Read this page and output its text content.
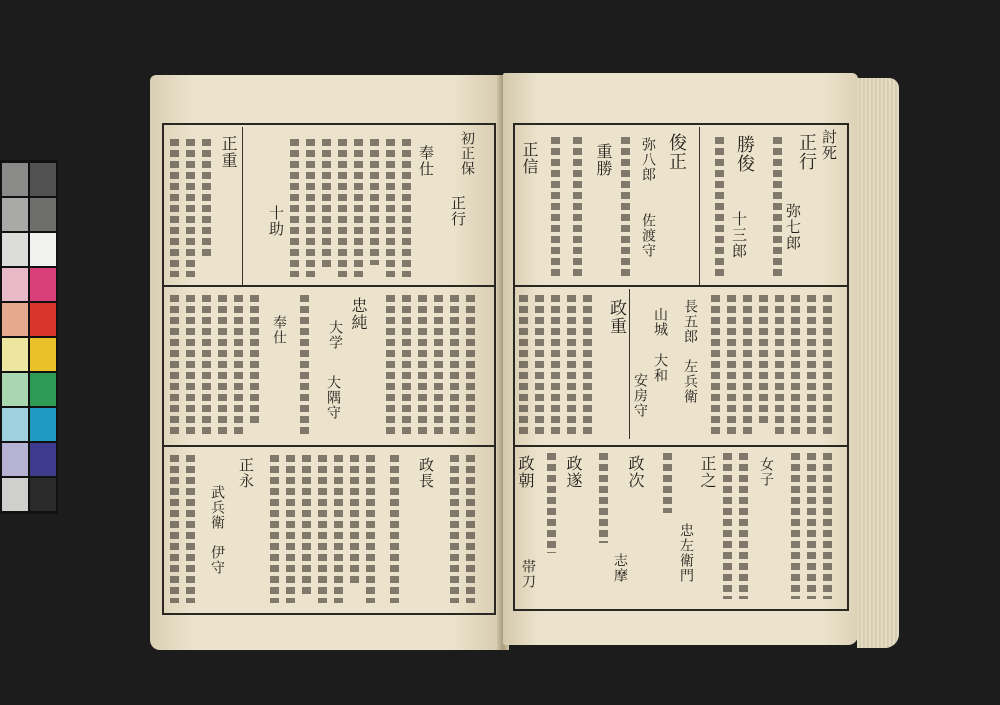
初正保
正重
十助	正行
奉仕
忠純
大学
大隅守
奉仕
政長
正永
武兵衛
伊守
討死
正行
弥七郎
勝俊
十三郎
俊正
弥八郎
佐渡守
重勝
正信
政重	長五郎
左兵衛
山城
大和
安房守
正之
政次
政遂
政朝	女子
忠左衛門
志摩
帯刀
